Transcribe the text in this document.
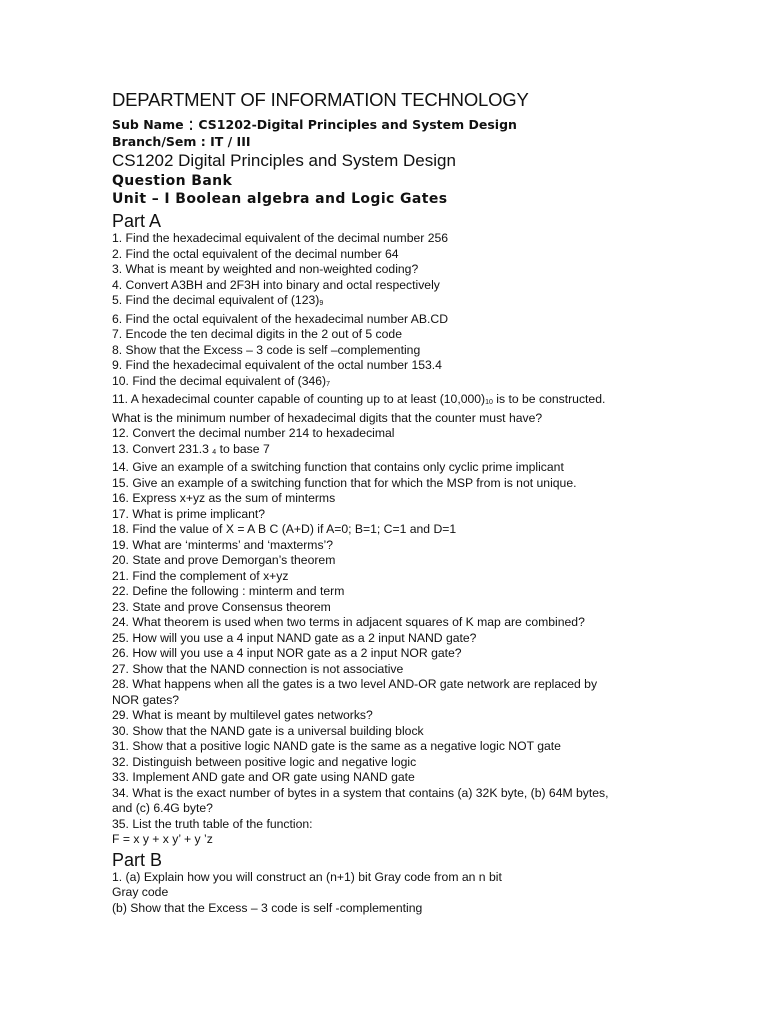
DEPARTMENT OF INFORMATION TECHNOLOGY
Sub Name : CS1202-Digital Principles and System Design
Branch/Sem : IT / III
CS1202 Digital Principles and System Design
Question Bank
Unit – I Boolean algebra and Logic Gates
Part A
1. Find the hexadecimal equivalent of the decimal number 256
2. Find the octal equivalent of the decimal number 64
3. What is meant by weighted and non-weighted coding?
4. Convert A3BH and 2F3H into binary and octal respectively
5. Find the decimal equivalent of $(123)_9$
6. Find the octal equivalent of the hexadecimal number AB.CD
7. Encode the ten decimal digits in the 2 out of 5 code
8. Show that the Excess – 3 code is self –complementing
9. Find the hexadecimal equivalent of the octal number 153.4
10. Find the decimal equivalent of $(346)_7$
11. A hexadecimal counter capable of counting up to at least $(10,000)_{10}$ is to be constructed.
What is the minimum number of hexadecimal digits that the counter must have?
12. Convert the decimal number 214 to hexadecimal
13. Convert 231.3 $_4$ to base 7
14. Give an example of a switching function that contains only cyclic prime implicant
15. Give an example of a switching function that for which the MSP from is not unique.
16. Express x+yz as the sum of minterms
17. What is prime implicant?
18. Find the value of X = A B C (A+D) if A=0; B=1; C=1 and D=1
19. What are ‘minterms’ and ‘maxterms’?
20. State and prove Demorgan’s theorem
21. Find the complement of x+yz
22. Define the following : minterm and term
23. State and prove Consensus theorem
24. What theorem is used when two terms in adjacent squares of K map are combined?
25. How will you use a 4 input NAND gate as a 2 input NAND gate?
26. How will you use a 4 input NOR gate as a 2 input NOR gate?
27. Show that the NAND connection is not associative
28. What happens when all the gates is a two level AND-OR gate network are replaced by
NOR gates?
29. What is meant by multilevel gates networks?
30. Show that the NAND gate is a universal building block
31. Show that a positive logic NAND gate is the same as a negative logic NOT gate
32. Distinguish between positive logic and negative logic
33. Implement AND gate and OR gate using NAND gate
34. What is the exact number of bytes in a system that contains (a) 32K byte, (b) 64M bytes,
and (c) 6.4G byte?
35. List the truth table of the function:
F = x y + x y’ + y ’z
Part B
1. (a) Explain how you will construct an (n+1) bit Gray code from an n bit
Gray code
(b) Show that the Excess – 3 code is self -complementing
